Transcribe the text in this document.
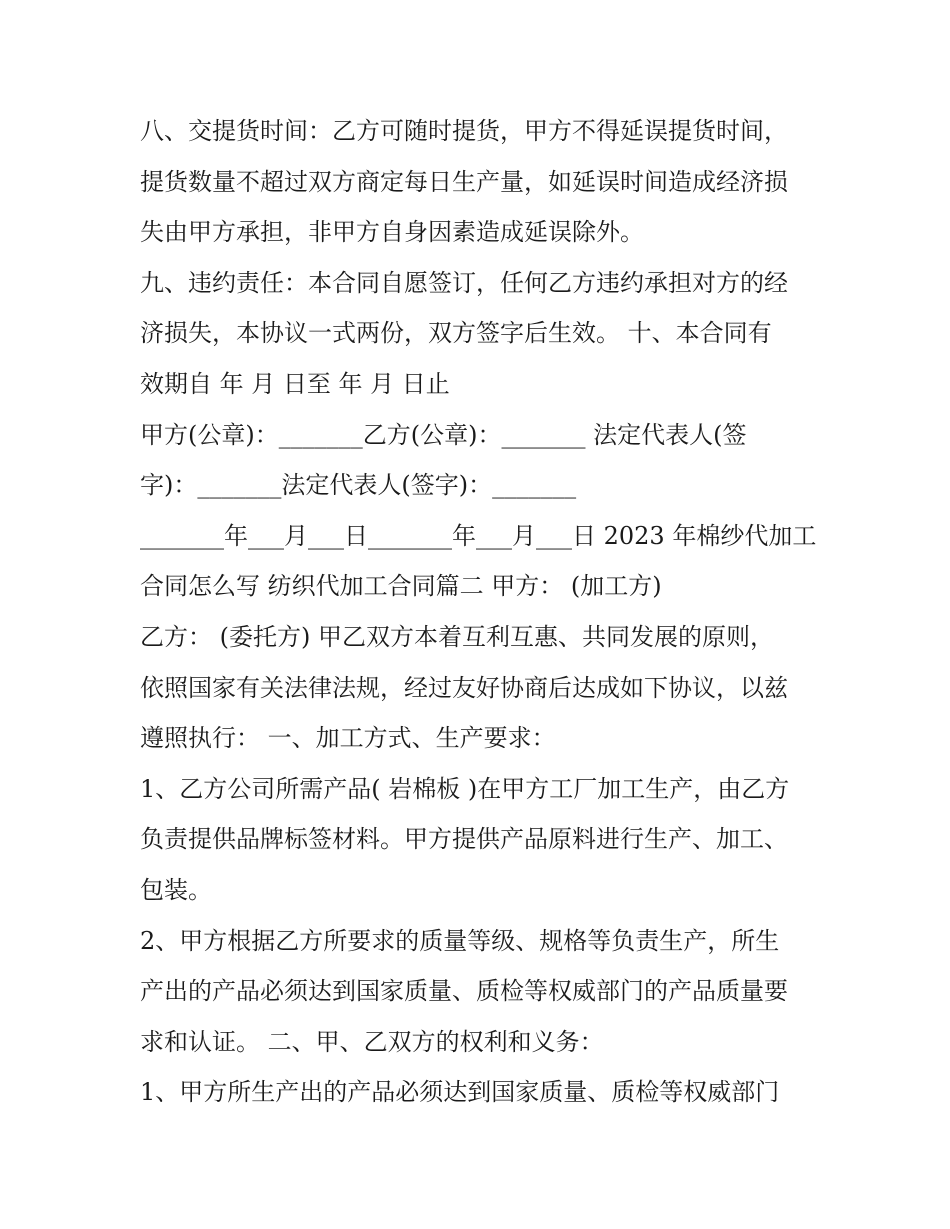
八、交提货时间：乙方可随时提货，甲方不得延误提货时间，
提货数量不超过双方商定每日生产量，如延误时间造成经济损
失由甲方承担，非甲方自身因素造成延误除外。
九、违约责任：本合同自愿签订，任何乙方违约承担对方的经
济损失，本协议一式两份，双方签字后生效。 十、本合同有
效期自 年 月 日至 年 月 日止
甲方(公章)：_______乙方(公章)：_______ 法定代表人(签
字)：_______法定代表人(签字)：_______
_______年___月___日_______年___月___日 2023 年棉纱代加工
合同怎么写 纺织代加工合同篇二 甲方： (加工方)
乙方： (委托方) 甲乙双方本着互利互惠、共同发展的原则，
依照国家有关法律法规，经过友好协商后达成如下协议，以兹
遵照执行： 一、加工方式、生产要求：
1、乙方公司所需产品( 岩棉板 )在甲方工厂加工生产，由乙方
负责提供品牌标签材料。甲方提供产品原料进行生产、加工、
包装。
2、甲方根据乙方所要求的质量等级、规格等负责生产，所生
产出的产品必须达到国家质量、质检等权威部门的产品质量要
求和认证。 二、甲、乙双方的权利和义务：
1、甲方所生产出的产品必须达到国家质量、质检等权威部门
